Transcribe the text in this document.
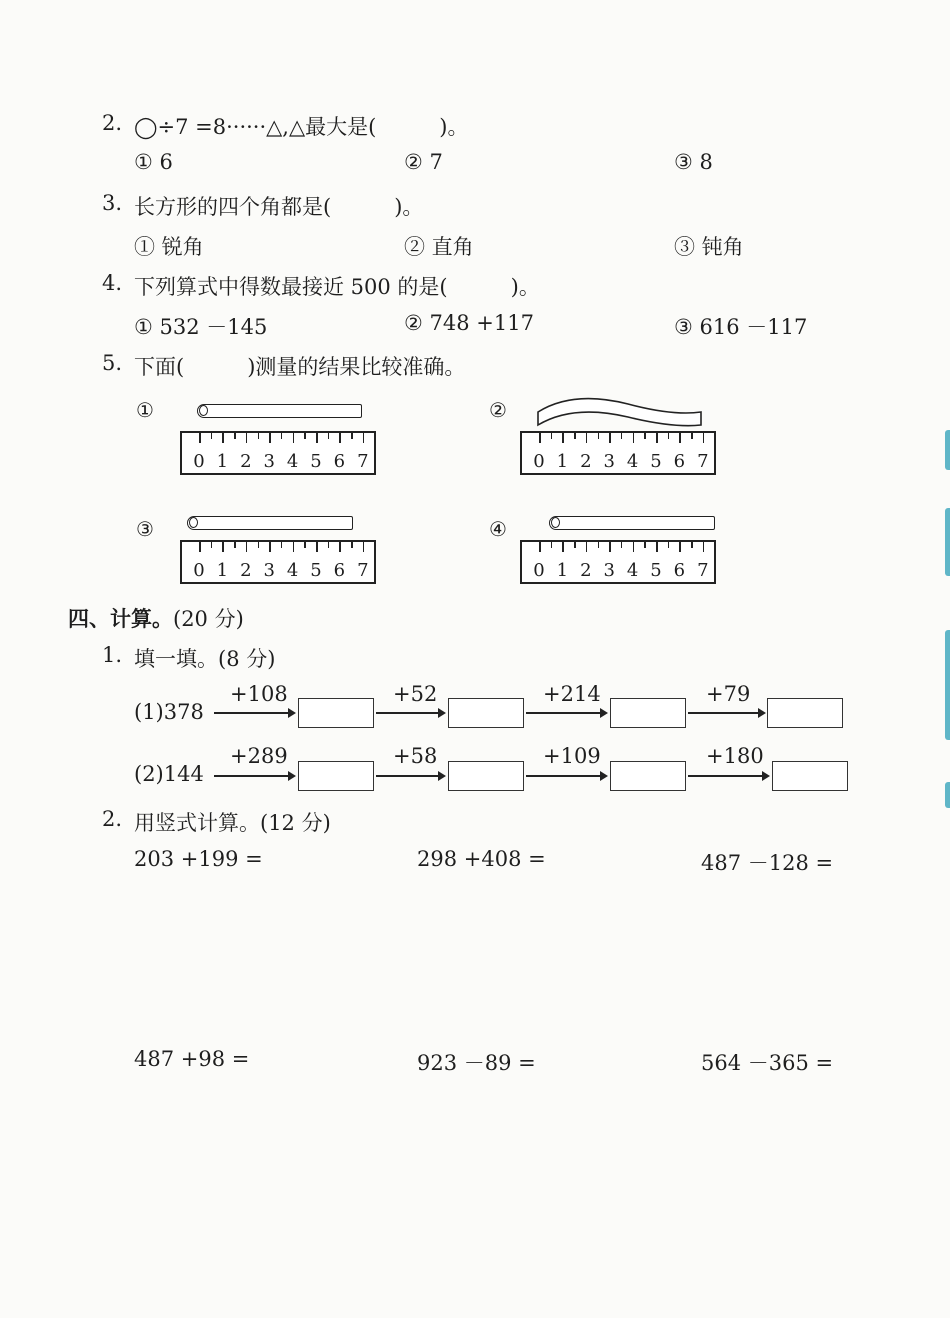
2. ◯÷7 =8······△,△最大是(　　　)。
① 6	② 7	③ 8
3. 长方形的四个角都是(　　　)。
① 锐角	② 直角	③ 钝角
4. 下列算式中得数最接近 500 的是(　　　)。
① 532 －145	② 748 +117	③ 616 －117
5. 下面(　　　)测量的结果比较准确。
①
0 1 2 3 4 5 6 7
②
0 1 2 3 4 5 6 7
③
0 1 2 3 4 5 6 7
④
0 1 2 3 4 5 6 7
四、计算。(20 分)
1. 填一填。(8 分)
(1)378
+108	+52	+214	+79
(2)144
+289	+58	+109	+180
2. 用竖式计算。(12 分)
203 +199 =	298 +408 =	487 －128 =
487 +98 =	923 －89 =	564 －365 =
